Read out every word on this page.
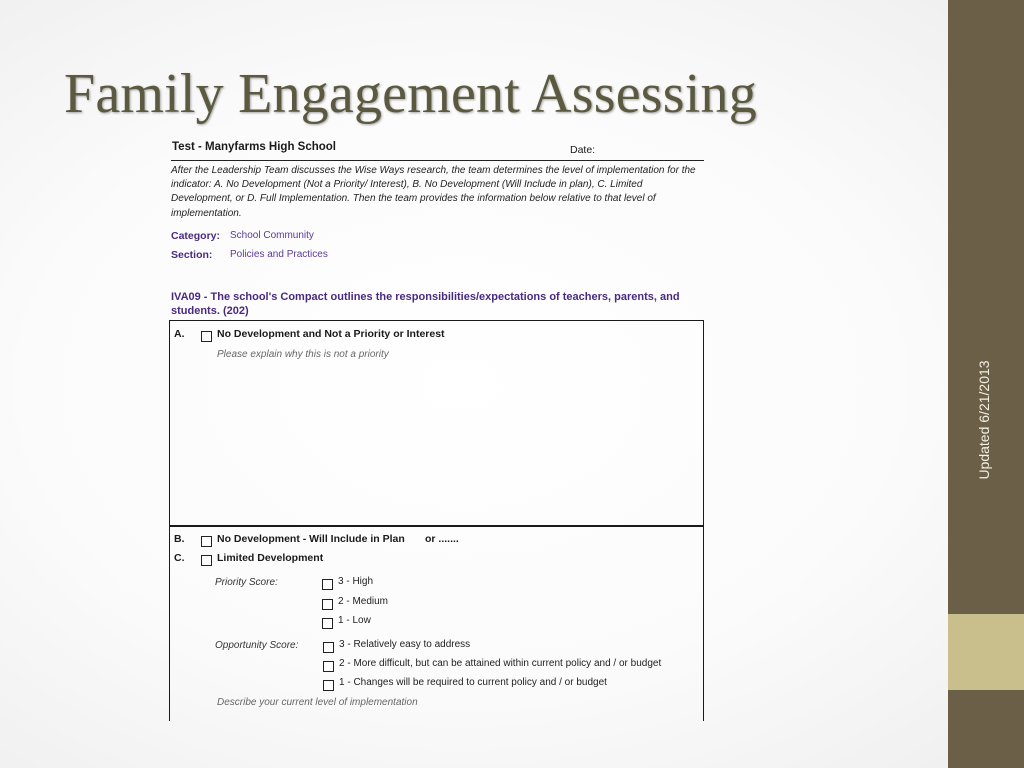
Family Engagement Assessing
Updated 6/21/2013
Test - Manyfarms High School	Date:
After the Leadership Team discusses the Wise Ways research, the team determines the level of implementation for the indicator: A. No Development (Not a Priority/ Interest), B. No Development (Will Include in plan), C. Limited Development, or D. Full Implementation. Then the team provides the information below relative to that level of implementation.
Category: School Community
Section: Policies and Practices
IVA09 - The school's Compact outlines the responsibilities/expectations of teachers, parents, and students. (202)
A.	No Development and Not a Priority or Interest
Please explain why this is not a priority
B.	No Development - Will Include in Plan or .......
C.	Limited Development
Priority Score:	3 - High
2 - Medium
1 - Low
Opportunity Score:	3 - Relatively easy to address
2 - More difficult, but can be attained within current policy and / or budget
1 - Changes will be required to current policy and / or budget
Describe your current level of implementation
